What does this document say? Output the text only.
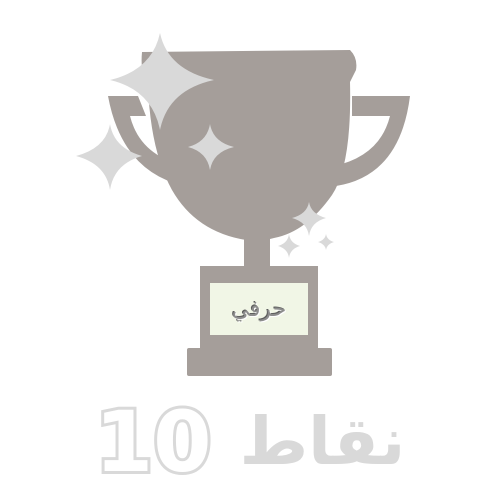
حرفي
10 نقاط
